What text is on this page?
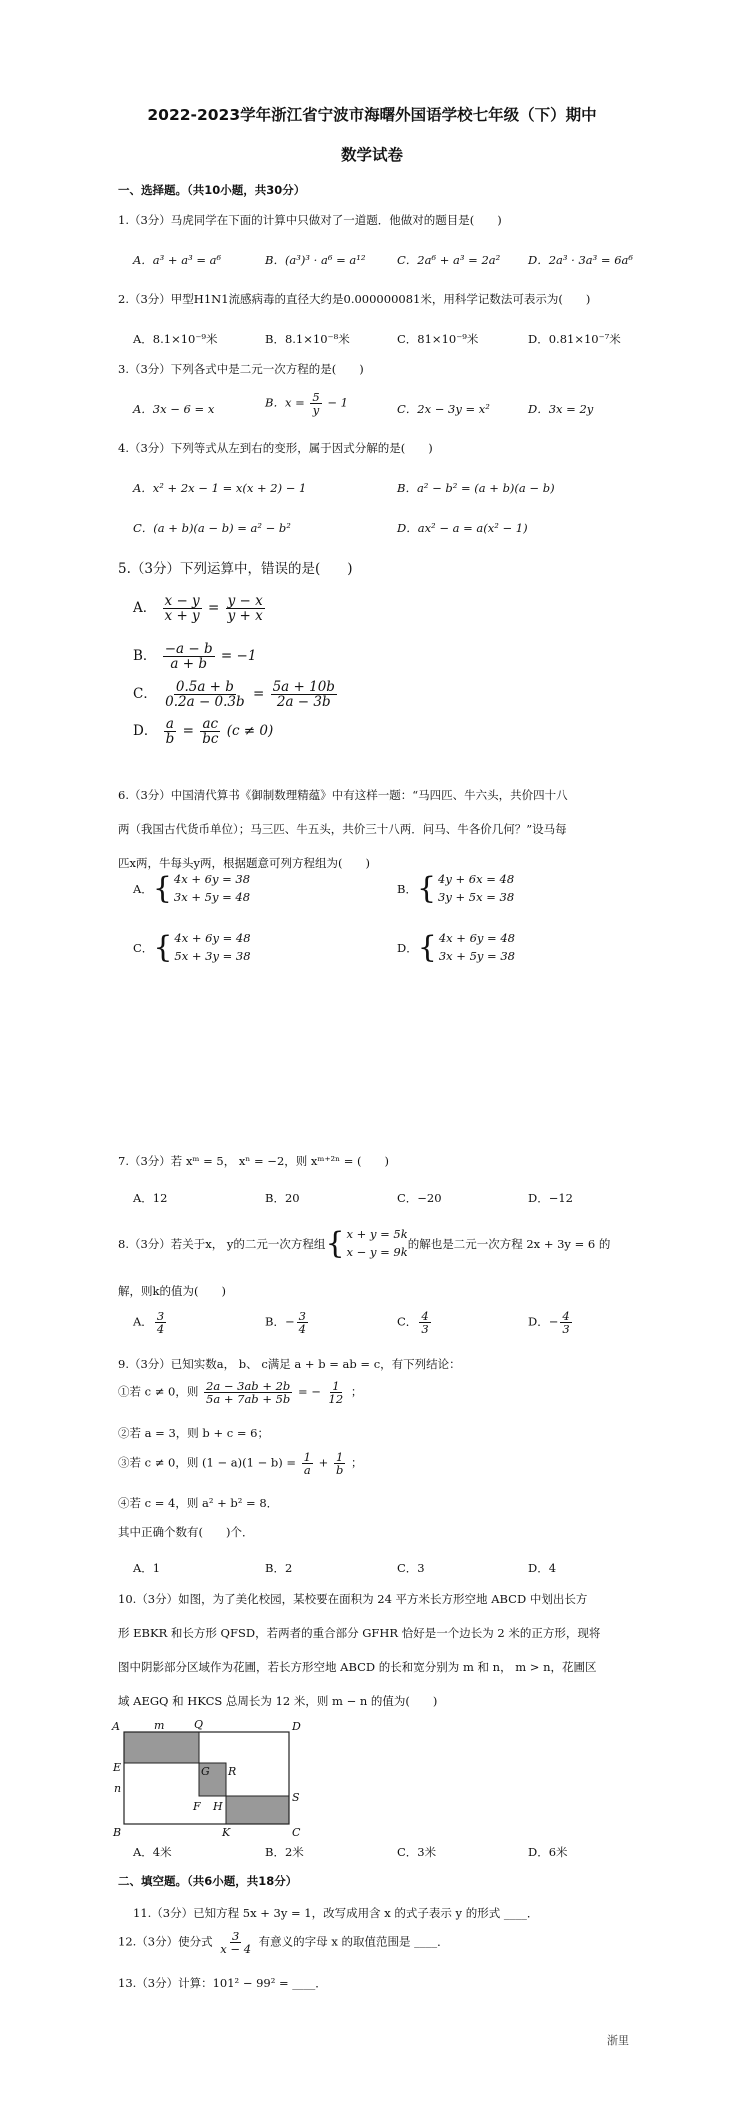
2022-2023学年浙江省宁波市海曙外国语学校七年级（下）期中
数学试卷
一、选择题。（共10小题，共30分）
1.（3分）马虎同学在下面的计算中只做对了一道题．他做对的题目是(　　)
A．a³ + a³ = a⁶	B．(a³)³ · a⁶ = a¹²	C．2a⁶ + a³ = 2a² D．2a³ · 3a³ = 6a⁶
2.（3分）甲型H1N1流感病毒的直径大约是0.000000081米，用科学记数法可表示为(　　)
A．8.1×10⁻⁹米	B．8.1×10⁻⁸米	C．81×10⁻⁹米	D．0.81×10⁻⁷米
3.（3分）下列各式中是二元一次方程的是(　　)
A．3x − 6 = x	B．$x = \frac{5}{y} - 1$	C．2x − 3y = x²	D．3x = 2y
4.（3分）下列等式从左到右的变形，属于因式分解的是(　　)
A．x² + 2x − 1 = x(x + 2) − 1	B．a² − b² = (a + b)(a − b)
C．(a + b)(a − b) = a² − b²	D．ax² − a = a(x² − 1)
5.（3分）下列运算中，错误的是(　　)
A． $\frac{x - y}{x + y} = \frac{y - x}{y + x}$
B． $\frac{-a - b}{a + b} = -1$
C． $\frac{0.5a + b}{0.2a - 0.3b} = \frac{5a + 10b}{2a - 3b}$
D． $\frac{a}{b} = \frac{ac}{bc} (c \ne 0)$
6.（3分）中国清代算书《御制数理精蕴》中有这样一题：“马四匹、牛六头，共价四十八
两（我国古代货币单位）；马三匹、牛五头，共价三十八两．问马、牛各价几何？”设马每
匹x两，牛每头y两，根据题意可列方程组为(　　)
A． { 4x + 6y = 38
3x + 5y = 48
B． { 4y + 6x = 48
3y + 5x = 38
C． { 4x + 6y = 48
5x + 3y = 38
D． { 4x + 6y = 48
3x + 5y = 38
7.（3分）若 xᵐ = 5， xⁿ = −2，则 xᵐ⁺²ⁿ = (　　)
A．12	B．20	C．−20	D．−12
8.（3分）若关于x， y的二元一次方程组 { x + y = 5k
x − y = 9k
的解也是二元一次方程 2x + 3y = 6 的
解，则k的值为(　　)
A． $\frac{3}{4}$	B．− $\frac{3}{4}$	C． $\frac{4}{3}$	D．− $\frac{4}{3}$
9.（3分）已知实数a， b、 c满足 a + b = ab = c，有下列结论：
①若 c ≠ 0，则 $\frac{2a - 3ab + 2b}{5a + 7ab + 5b}$ = − $\frac{1}{12}$ ；
②若 a = 3，则 b + c = 6；
③若 c ≠ 0，则 $(1 - a)(1 - b) = \frac{1}{a} + \frac{1}{b}$ ；
④若 c = 4，则 a² + b² = 8．
其中正确个数有(　　)个．
A．1	B．2	C．3	D．4
10.（3分）如图，为了美化校园，某校要在面积为 24 平方米长方形空地 ABCD 中划出长方
形 EBKR 和长方形 QFSD，若两者的重合部分 GFHR 恰好是一个边长为 2 米的正方形，现将
图中阴影部分区域作为花圃，若长方形空地 ABCD 的长和宽分别为 m 和 n， m > n，花圃区
域 AEGQ 和 HKCS 总周长为 12 米，则 m − n 的值为(　　)
A	m	Q	D
G R
E
n
F H
S
B	K	C
A．4米	B．2米	C．3米	D．6米
二、填空题。（共6小题，共18分）
11.（3分）已知方程 5x + 3y = 1，改写成用含 x 的式子表示 y 的形式 ____．
12.（3分）使分式 $\frac{3}{x - 4}$ 有意义的字母 x 的取值范围是 ____．
13.（3分）计算：101² − 99² = ____．
浙里
